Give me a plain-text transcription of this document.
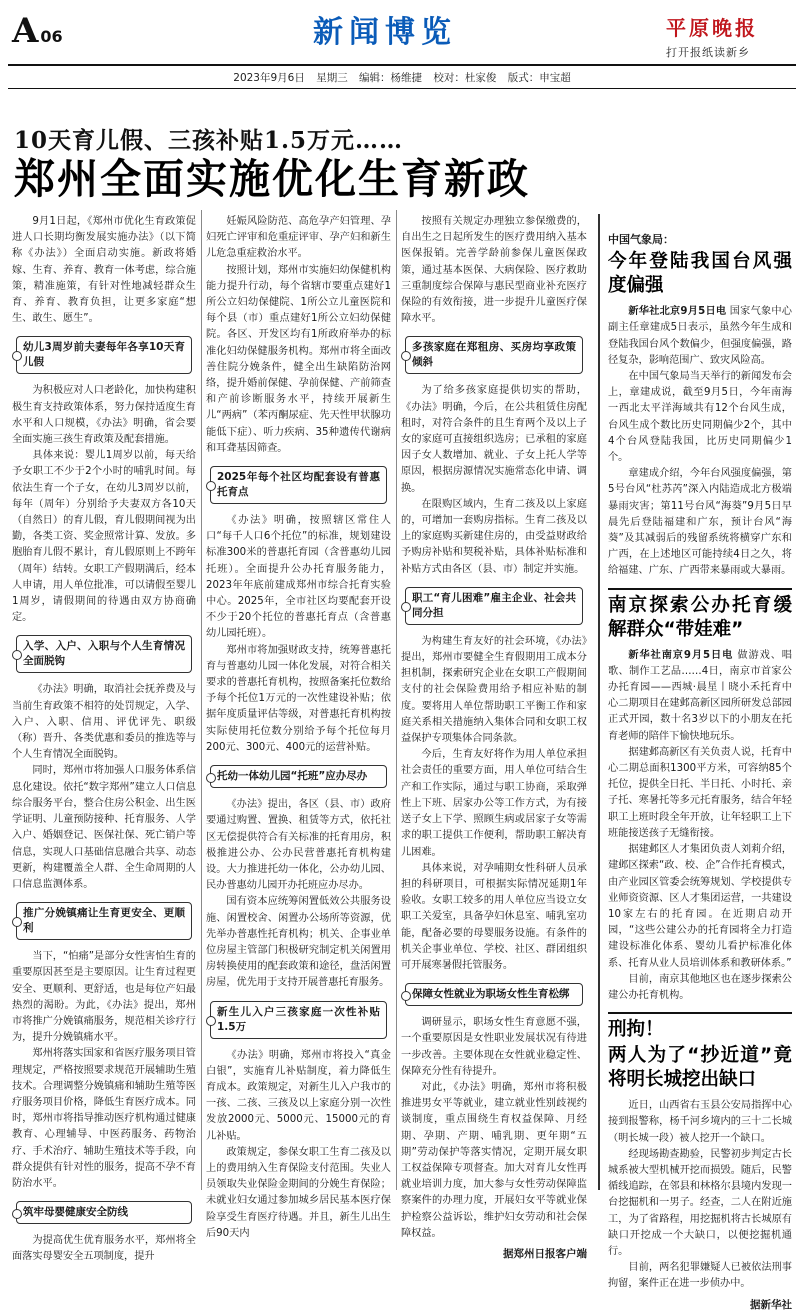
A 06	新闻博览	平原晚报
打开报纸读新乡
2023年9月6日 星期三 编辑：杨维捷 校对：杜家俊 版式：申宝超
10天育儿假、三孩补贴1.5万元……
郑州全面实施优化生育新政

9月1日起，《郑州市优化生育政策促进人口长期均衡发展实施办法》（以下简称《办法》）全面启动实施。新政将婚嫁、生育、养育、教育一体考虑，综合施策，精准施策，有针对性地减轻群众生育、养育、教育负担，让更多家庭“想生、敢生、愿生”。

幼儿3周岁前夫妻每年各享10天育儿假

为积极应对人口老龄化，加快构建积极生育支持政策体系，努力保持适度生育水平和人口规模，《办法》明确，省会要全面实施三孩生育政策及配套措施。

具体来说：婴儿1周岁以前，每天给予女职工不少于2个小时的哺乳时间。每依法生育一个子女，在幼儿3周岁以前，每年（周年）分别给予夫妻双方各10天（自然日）的育儿假，育儿假期间视为出勤，各类工资、奖金照常计算、发放。多胞胎育儿假不累计，育儿假原则上不跨年（周年）结转。女职工产假期满后，经本人申请，用人单位批准，可以请假至婴儿1周岁，请假期间的待遇由双方协商确定。

入学、入户、入职与个人生育情况全面脱钩

《办法》明确，取消社会抚养费及与当前生育政策不相符的处罚规定，入学、入户、入职、信用、评优评先、职级（称）晋升、各类优惠和委员的推选等与个人生育情况全面脱钩。

同时，郑州市将加强人口服务体系信息化建设。依托“数字郑州”建立人口信息综合服务平台，整合住房公积金、出生医学证明、儿童预防接种、托育服务、人学入户、婚姻登记、医保社保、死亡销户等信息，实现人口基础信息融合共享、动态更新，构建覆盖全人群、全生命周期的人口信息监测体系。

推广分娩镇痛让生育更安全、更顺利

当下，“怕痛”是部分女性害怕生育的重要原因甚至是主要原因。让生育过程更安全、更顺利、更舒适，也是每位产妇最热烈的渴盼。为此，《办法》提出，郑州市将推广分娩镇痛服务，规范相关诊疗行为，提升分娩镇痛水平。

郑州将落实国家和省医疗服务项目管理规定，严格按照要求规范开展辅助生殖技术。合理调整分娩镇痛和辅助生殖等医疗服务项目价格，降低生育医疗成本。同时，郑州市将指导推动医疗机构通过健康教育、心理辅导、中医药服务、药物治疗、手术治疗、辅助生殖技术等手段，向群众提供有针对性的服务，提高不孕不育防治水平。

筑牢母婴健康安全防线

为提高优生优育服务水平，郑州将全面落实母婴安全五项制度，提升

妊娠风险防范、高危孕产妇管理、孕妇死亡评审和危重症评审、孕产妇和新生儿危急重症救治水平。

按照计划，郑州市实施妇幼保健机构能力提升行动，每个省辖市要重点建好1所公立妇幼保健院、1所公立儿童医院和每个县（市）重点建好1所公立妇幼保健院。各区、开发区均有1所政府举办的标准化妇幼保健服务机构。郑州市将全面改善住院分娩条件，健全出生缺陷防治网络，提升婚前保健、孕前保健、产前筛查和产前诊断服务水平，持续开展新生儿“两病”（苯丙酮尿症、先天性甲状腺功能低下症）、听力疾病、35种遗传代谢病和耳聋基因筛查。

2025年每个社区均配套设有普惠托育点

《办法》明确，按照辖区常住人口“每千人口6个托位”的标准，规划建设标准300米的普惠托育园（含普惠幼儿园托班）。全面提升公办托育服务能力，2023年年底前建成郑州市综合托育实验中心。2025年，全市社区均要配套开设不少于20个托位的普惠托育点（含普惠幼儿园托班）。

郑州市将加强财政支持，统筹普惠托育与普惠幼儿园一体化发展，对符合相关要求的普惠托育机构，按照备案托位数给予每个托位1万元的一次性建设补贴；依据年度质量评估等级，对普惠托育机构按实际使用托位数分别给予每个托位每月200元、300元、400元的运营补贴。

托幼一体幼儿园“托班”应办尽办

《办法》提出，各区（县、市）政府要通过购置、置换、租赁等方式，依托社区无偿提供符合有关标准的托育用房，积极推进公办、公办民营普惠托育机构建设。大力推进托幼一体化，公办幼儿园、民办普惠幼儿园开办托班应办尽办。

国有资本应统筹闲置低效公共服务设施、闲置校舍、闲置办公场所等资源，优先举办普惠性托育机构；机关、企事业单位房屋主管部门积极研究制定机关闲置用房转换使用的配套政策和途径，盘活闲置房屋，优先用于支持开展普惠托育服务。

新生儿入户三孩家庭一次性补贴1.5万

《办法》明确，郑州市将投入“真金白银”，实施育儿补贴制度，着力降低生育成本。政策规定，对新生儿入户我市的一孩、二孩、三孩及以上家庭分别一次性发放2000元、5000元、15000元的育儿补贴。

政策规定，参保女职工生育二孩及以上的费用纳入生育保险支付范围。失业人员领取失业保险金期间的分娩生育保险；未就业妇女通过参加城乡居民基本医疗保险享受生育医疗待遇。并且，新生儿出生后90天内

按照有关规定办理独立参保缴费的，自出生之日起所发生的医疗费用纳入基本医保报销。完善学龄前参保儿童医保政策，通过基本医保、大病保险、医疗救助三重制度综合保障与惠民型商业补充医疗保险的有效衔接，进一步提升儿童医疗保障水平。

多孩家庭在郑租房、买房均享政策倾斜

为了给多孩家庭提供切实的帮助，《办法》明确，今后，在公共租赁住房配租时，对符合条件的且生育两个及以上子女的家庭可直接组织选房；已承租的家庭因子女人数增加、就业、子女上托人学等原因，根据房源情况实施常态化申请、调换。

在限购区域内，生育二孩及以上家庭的，可增加一套购房指标。生育二孩及以上的家庭购买新建住房的，由受益财政给予购房补贴和契税补贴，具体补贴标准和补贴方式由各区（县、市）制定并实施。

职工“育儿困难”雇主企业、社会共同分担

为构建生育友好的社会环境，《办法》提出，郑州市要健全生育假期用工成本分担机制，探索研究企业在女职工产假期间支付的社会保险费用给予相应补贴的制度。要将用人单位帮助职工平衡工作和家庭关系相关措施纳入集体合同和女职工权益保护专项集体合同条款。

今后，生育友好将作为用人单位承担社会责任的重要方面，用人单位可结合生产和工作实际，通过与职工协商，采取弹性上下班、居家办公等工作方式，为有接送子女上下学、照顾生病或居家子女等需求的职工提供工作便利，帮助职工解决育儿困难。

具体来说，对孕哺期女性科研人员承担的科研项目，可根据实际情况延期1年验收。女职工较多的用人单位应当设立女职工关爱室，具备孕妇休息室、哺乳室功能，配备必要的母婴服务设施。有条件的机关企事业单位、学校、社区、群团组织可开展寒暑假托管服务。

保障女性就业为职场女性生育松绑

调研显示，职场女性生育意愿不强，一个重要原因是女性职业发展状况有待进一步改善。主要体现在女性就业稳定性、保障充分性有待提升。

对此，《办法》明确，郑州市将积极推进男女平等就业，建立就业性别歧视约谈制度，重点围绕生育权益保障、月经期、孕期、产期、哺乳期、更年期“五期”劳动保护等落实情况，定期开展女职工权益保障专项督查。加大对育儿女性再就业培训力度，加大参与女性劳动保障监察案件的办理力度，开展妇女平等就业保护检察公益诉讼，维护妇女劳动和社会保障权益。

据郑州日报客户端
中国气象局：
今年登陆我国台风强度偏强

新华社北京9月5日电 国家气象中心副主任章建成5日表示，虽然今年生成和登陆我国台风个数偏少，但强度偏强，路径复杂，影响范围广、致灾风险高。

在中国气象局当天举行的新闻发布会上，章建成说，截至9月5日，今年南海一西北太平洋海域共有12个台风生成，台风生成个数比历史同期偏少2个，其中4个台风登陆我国，比历史同期偏少1个。

章建成介绍，今年台风强度偏强，第5号台风“杜苏芮”深入内陆造成北方极端暴雨灾害；第11号台风“海葵”9月5日早晨先后登陆福建和广东，预计台风“海葵”及其减弱后的残留系统将横穿广东和广西，在上述地区可能持续4日之久，将给福建、广东、广西带来暴雨或大暴雨。

南京探索公办托育缓解群众“带娃难”

新华社南京9月5日电 做游戏、唱歌、制作工艺品……4日，南京市首家公办托育园——西城·晨星丨晓小禾托育中心二期项目在建邺高新区园所研发总部园正式开园，数十名3岁以下的小朋友在托育老师的陪伴下愉快地玩乐。

据建邺高新区有关负责人说，托育中心二期总面积1300平方米，可容纳85个托位，提供全日托、半日托、小时托、亲子托、寒暑托等多元托育服务，结合年轻职工上班时段全年开放，让年轻职工上下班能接送孩子无缝衔接。

据建邺区人才集团负责人刘莉介绍，建邺区探索“政、校、企”合作托育模式，由产业园区管委会统筹规划、学校提供专业师资资源、区人才集团运营，一共建设10家左右的托育园。在近期启动开园，“这些公建公办的托育园将全力打造建设标准化体系、婴幼儿看护标准化体系、托育从业人员培训体系和教研体系。”

目前，南京其他地区也在逐步探索公建公办托育机构。

刑拘！
两人为了“抄近道”竟将明长城挖出缺口

近日，山西省右玉县公安局指挥中心接到报警称，杨千河乡境内的三十二长城（明长城一段）被人挖开一个缺口。

经现场勘查勘验，民警初步判定古长城系被大型机械开挖而损毁。随后，民警循线追踪，在邻县和林格尔县境内发现一台挖掘机和一男子。经查，二人在附近施工，为了省路程，用挖掘机将古长城原有缺口开挖成一个大缺口，以便挖掘机通行。

目前，两名犯罪嫌疑人已被依法刑事拘留，案件正在进一步侦办中。

据新华社
